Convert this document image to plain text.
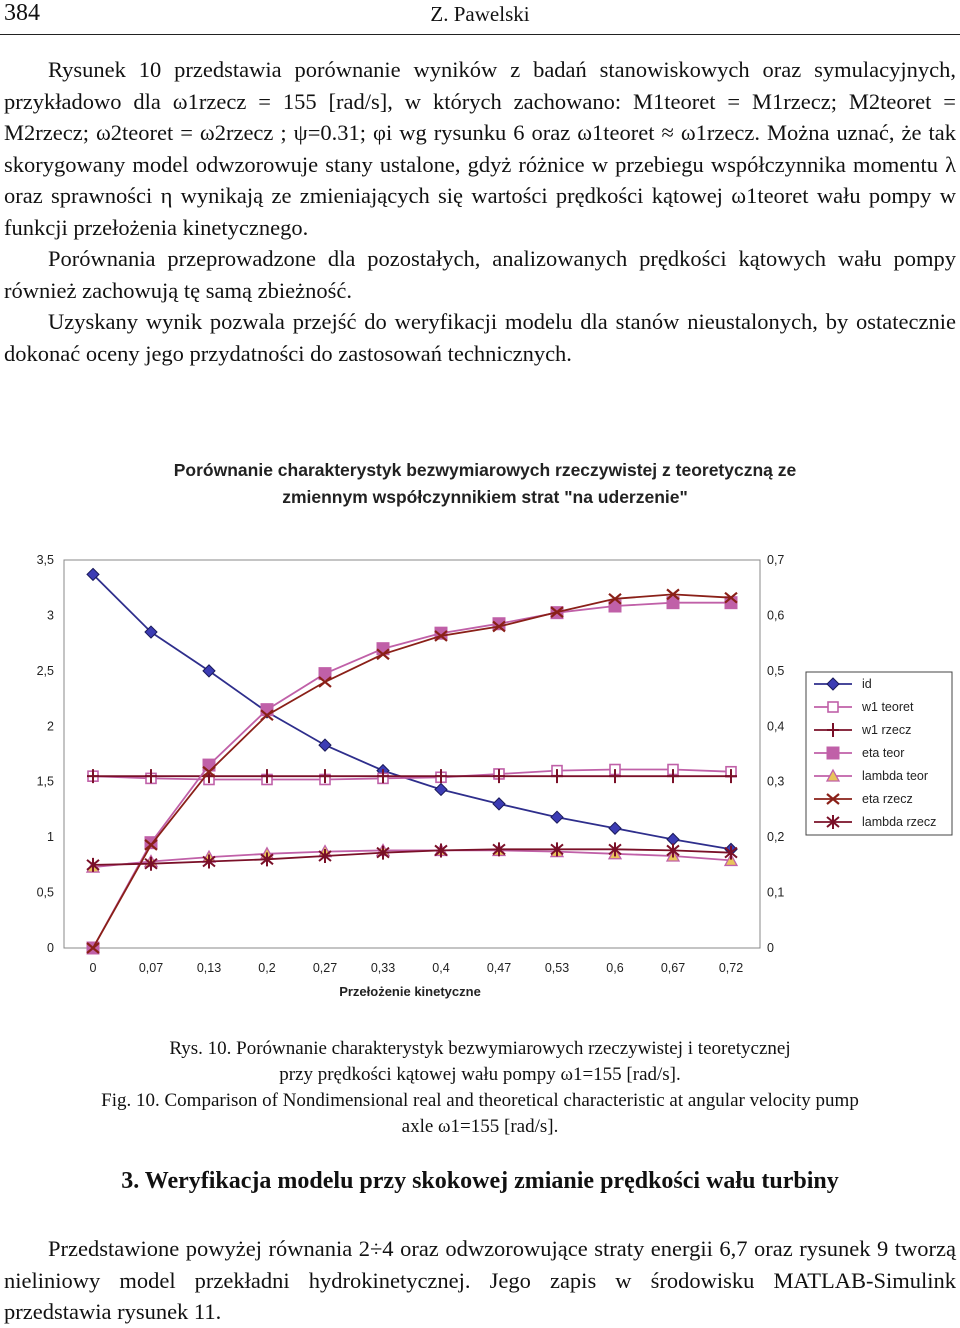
384	Z. Pawelski

Rysunek 10 przedstawia porównanie wyników z badań stanowiskowych oraz symulacyjnych, przykładowo dla ω1rzecz = 155 [rad/s], w których zachowano: M1teoret = M1rzecz; M2teoret = M2rzecz; ω2teoret = ω2rzecz ; ψ=0.31; φi wg rysunku 6 oraz ω1teoret ≈ ω1rzecz. Można uznać, że tak skorygowany model odwzorowuje stany ustalone, gdyż różnice w przebiegu współczynnika momentu λ oraz sprawności η wynikają ze zmieniających się wartości prędkości kątowej ω1teoret wału pompy w funkcji przełożenia kinetycznego.

Porównania przeprowadzone dla pozostałych, analizowanych prędkości kątowych wału pompy również zachowują tę samą zbieżność.

Uzyskany wynik pozwala przejść do weryfikacji modelu dla stanów nieustalonych, by ostatecznie dokonać oceny jego przydatności do zastosowań technicznych.

Porównanie charakterystyk bezwymiarowych rzeczywistej z teoretyczną ze
zmiennym współczynnikiem strat "na uderzenie"
0
0,5
1
1,5
2
2,5
3
3,5
0
0,1
0,2
0,3
0,4
0,5
0,6
0,7
0	0,07	0,13	0,2	0,27	0,33	0,4	0,47	0,53	0,6	0,67	0,72
Przełożenie kinetyczne
id
w1 teoret
w1 rzecz
eta teor
lambda teor
eta rzecz
lambda rzecz

Rys. 10. Porównanie charakterystyk bezwymiarowych rzeczywistej i teoretycznej

przy prędkości kątowej wału pompy ω1=155 [rad/s].

Fig. 10. Comparison of Nondimensional real and theoretical characteristic at angular velocity pump

axle ω1=155 [rad/s].

3. Weryfikacja modelu przy skokowej zmianie prędkości wału turbiny

Przedstawione powyżej równania 2÷4 oraz odwzorowujące straty energii 6,7 oraz rysunek 9 tworzą nieliniowy model przekładni hydrokinetycznej. Jego zapis w środowisku MATLAB-Simulink przedstawia rysunek 11.
